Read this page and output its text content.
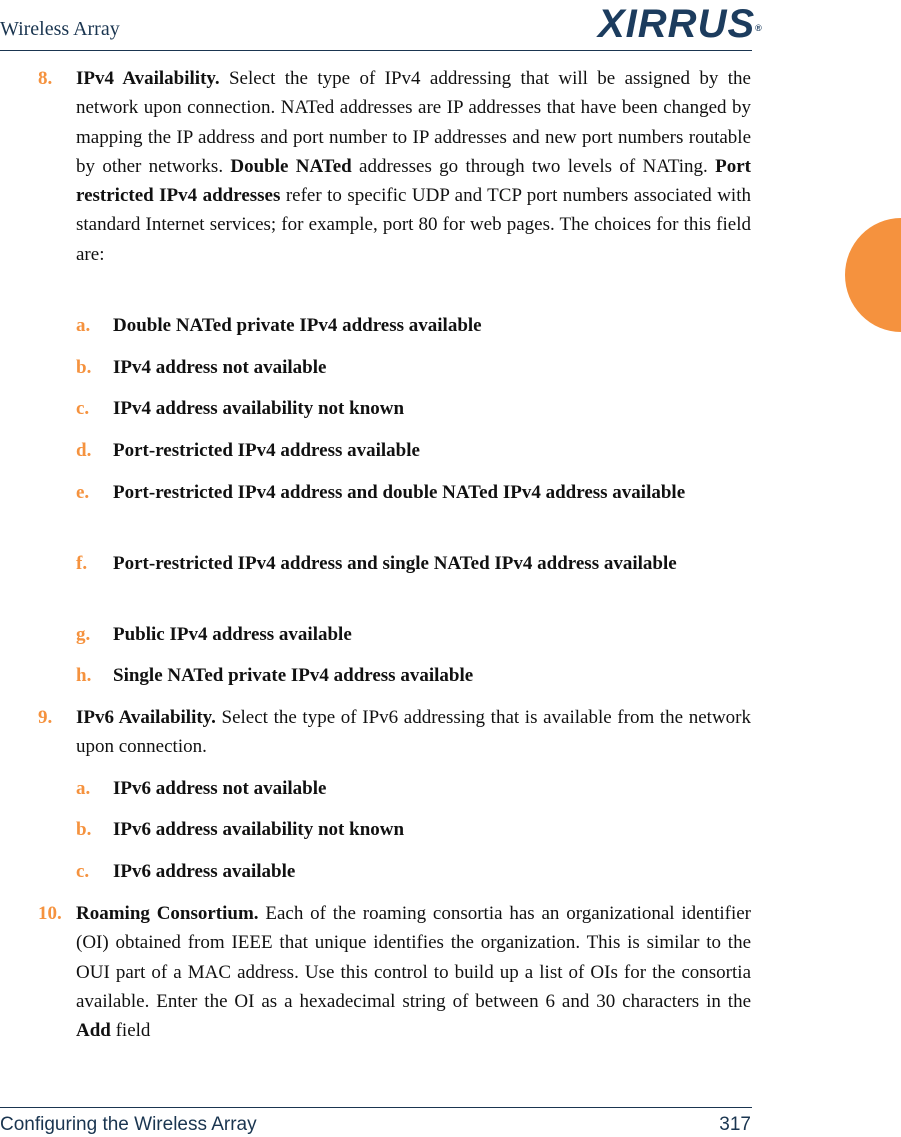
Wireless Array	XIRRUS®
8. IPv4 Availability. Select the type of IPv4 addressing that will be assigned by the network upon connection. NATed addresses are IP addresses that have been changed by mapping the IP address and port number to IP addresses and new port numbers routable by other networks. Double NATed addresses go through two levels of NATing. Port restricted IPv4 addresses refer to specific UDP and TCP port numbers associated with standard Internet services; for example, port 80 for web pages. The choices for this field are:
a. Double NATed private IPv4 address available
b. IPv4 address not available
c. IPv4 address availability not known
d. Port-restricted IPv4 address available
e. Port-restricted IPv4 address and double NATed IPv4 address available
f. Port-restricted IPv4 address and single NATed IPv4 address available
g. Public IPv4 address available
h. Single NATed private IPv4 address available
9. IPv6 Availability. Select the type of IPv6 addressing that is available from the network upon connection.
a. IPv6 address not available
b. IPv6 address availability not known
c. IPv6 address available
10. Roaming Consortium. Each of the roaming consortia has an organizational identifier (OI) obtained from IEEE that unique identifies the organization. This is similar to the OUI part of a MAC address. Use this control to build up a list of OIs for the consortia available. Enter the OI as a hexadecimal string of between 6 and 30 characters in the Add field
Configuring the Wireless Array	317
